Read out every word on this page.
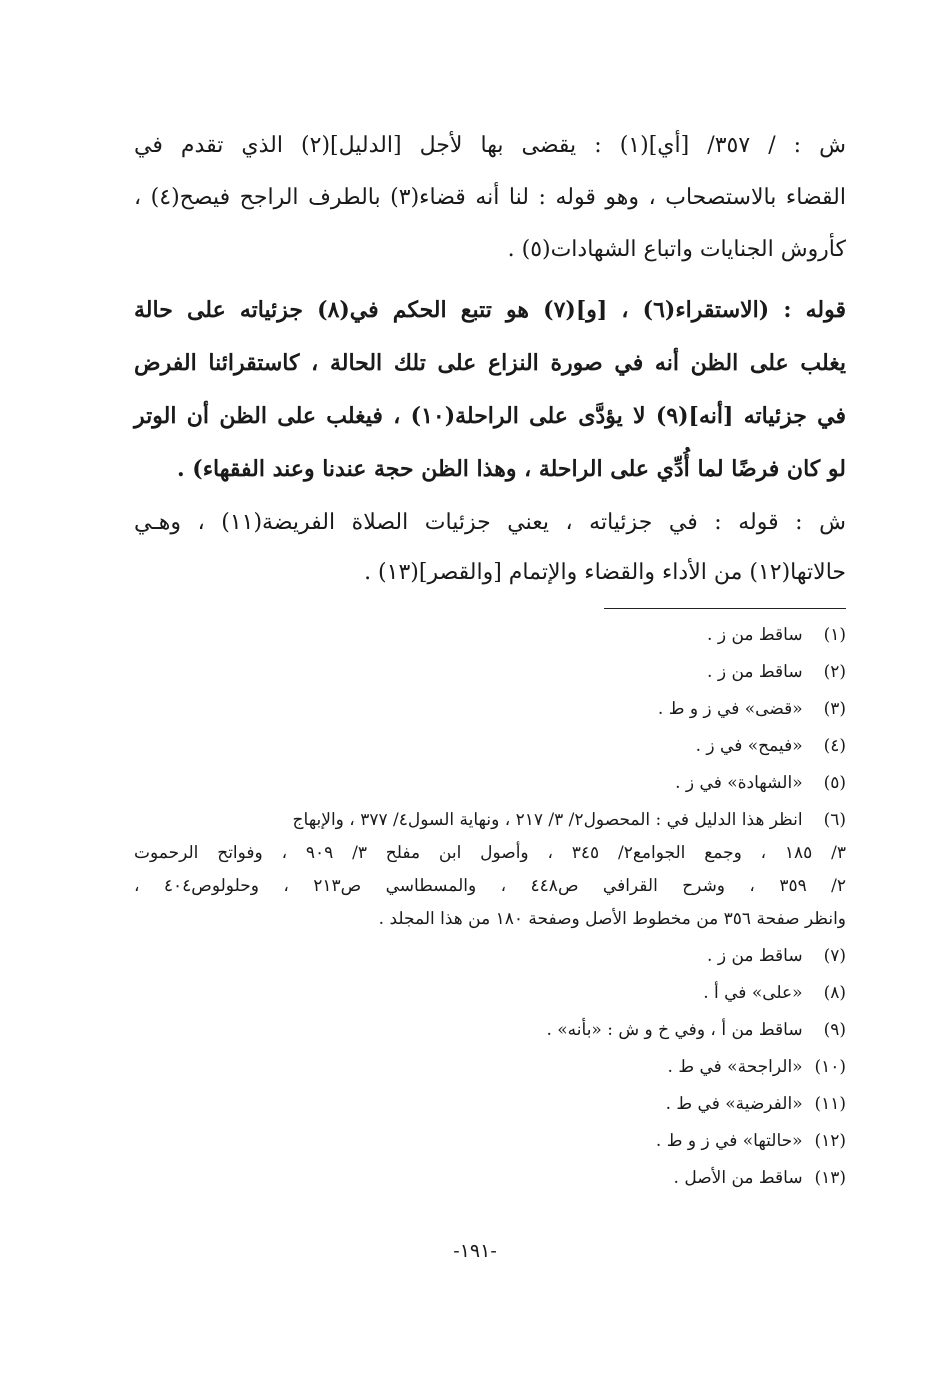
ش : / ٣٥٧/ [أي](١) : يقضى بها لأجل [الدليل](٢) الذي تقدم في
القضاء بالاستصحاب ، وهو قوله : لنا أنه قضاء(٣) بالطرف الراجح فيصح(٤) ،
كأروش الجنايات واتباع الشهادات(٥) .
قوله : (الاستقراء(٦) ، [و](٧) هو تتبع الحكم في(٨) جزئياته على حالة
يغلب على الظن أنه في صورة النزاع على تلك الحالة ، كاستقرائنا الفرض
في جزئياته [أنه](٩) لا يؤدَّى على الراحلة(١٠) ، فيغلب على الظن أن الوتر
لو كان فرضًا لما أُدِّي على الراحلة ، وهذا الظن حجة عندنا وعند الفقهاء) .
ش : قوله : في جزئياته ، يعني جزئيات الصلاة الفريضة(١١) ، وهـي
حالاتها(١٢) من الأداء والقضاء والإتمام [والقصر](١٣) .
(١) ساقط من ز .
(٢) ساقط من ز .
(٣) «قضى» في ز و ط .
(٤) «فيمح» في ز .
(٥) «الشهادة» في ز .
(٦) انظر هذا الدليل في : المحصول٢/ ٣/ ٢١٧ ، ونهاية السول٤/ ٣٧٧ ، والإبهاج
٣/ ١٨٥ ، وجمع الجوامع٢/ ٣٤٥ ، وأصول ابن مفلح ٣/ ٩٠٩ ، وفواتح الرحموت
٢/ ٣٥٩ ، وشرح القرافي ص٤٤٨ ، والمسطاسي ص٢١٣ ، وحلولوص٤٠٤ ،
وانظر صفحة ٣٥٦ من مخطوط الأصل وصفحة ١٨٠ من هذا المجلد .
(٧) ساقط من ز .
(٨) «على» في أ .
(٩) ساقط من أ ، وفي خ و ش : «بأنه» .
(١٠) «الراجحة» في ط .
(١١) «الفرضية» في ط .
(١٢) «حالتها» في ز و ط .
(١٣) ساقط من الأصل .
-١٩١-
